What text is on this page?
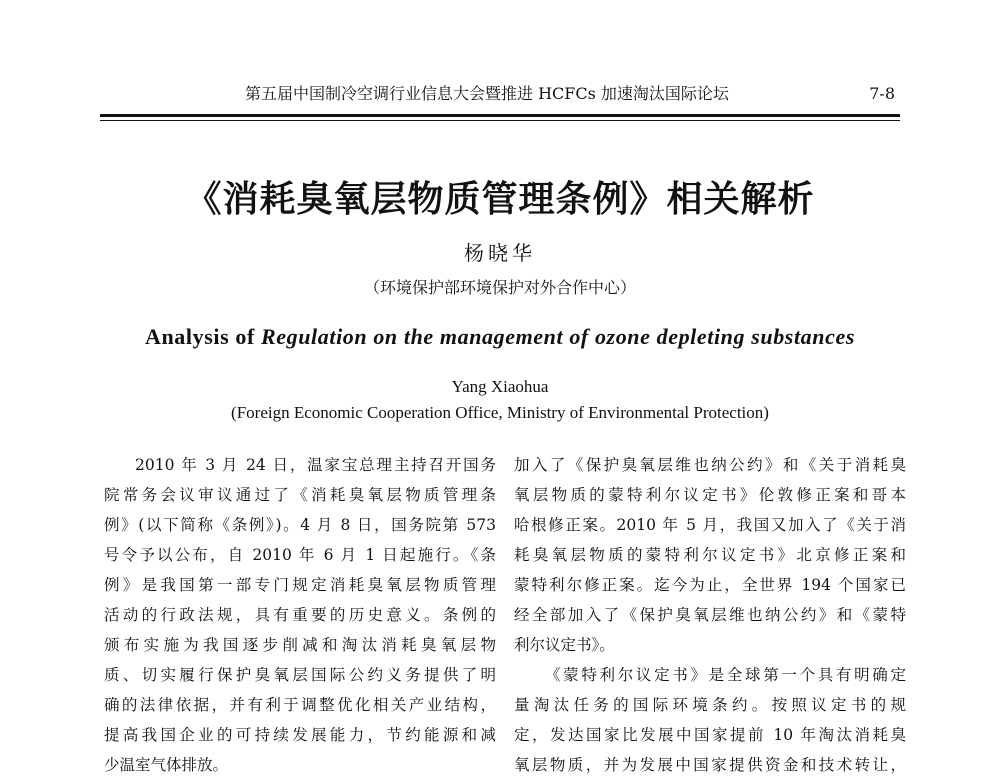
第五届中国制冷空调行业信息大会暨推进 HCFCs 加速淘汰国际论坛	7-8
《消耗臭氧层物质管理条例》相关解析
杨晓华
（环境保护部环境保护对外合作中心）
Analysis of Regulation on the management of ozone depleting substances
Yang Xiaohua
(Foreign Economic Cooperation Office, Ministry of Environmental Protection)
2010 年 3 月 24 日，温家宝总理主持召开国务
院常务会议审议通过了《消耗臭氧层物质管理条
例》(以下简称《条例》)。4 月 8 日，国务院第 573
号令予以公布，自 2010 年 6 月 1 日起施行。《条
例》是我国第一部专门规定消耗臭氧层物质管理
活动的行政法规，具有重要的历史意义。条例的
颁布实施为我国逐步削减和淘汰消耗臭氧层物
质、切实履行保护臭氧层国际公约义务提供了明
确的法律依据，并有利于调整优化相关产业结构，
提高我国企业的可持续发展能力，节约能源和减
少温室气体排放。
加入了《保护臭氧层维也纳公约》和《关于消耗臭
氧层物质的蒙特利尔议定书》伦敦修正案和哥本
哈根修正案。2010 年 5 月，我国又加入了《关于消
耗臭氧层物质的蒙特利尔议定书》北京修正案和
蒙特利尔修正案。迄今为止，全世界 194 个国家已
经全部加入了《保护臭氧层维也纳公约》和《蒙特
利尔议定书》。
《蒙特利尔议定书》是全球第一个具有明确定
量淘汰任务的国际环境条约。按照议定书的规
定，发达国家比发展中国家提前 10 年淘汰消耗臭
氧层物质，并为发展中国家提供资金和技术转让，
